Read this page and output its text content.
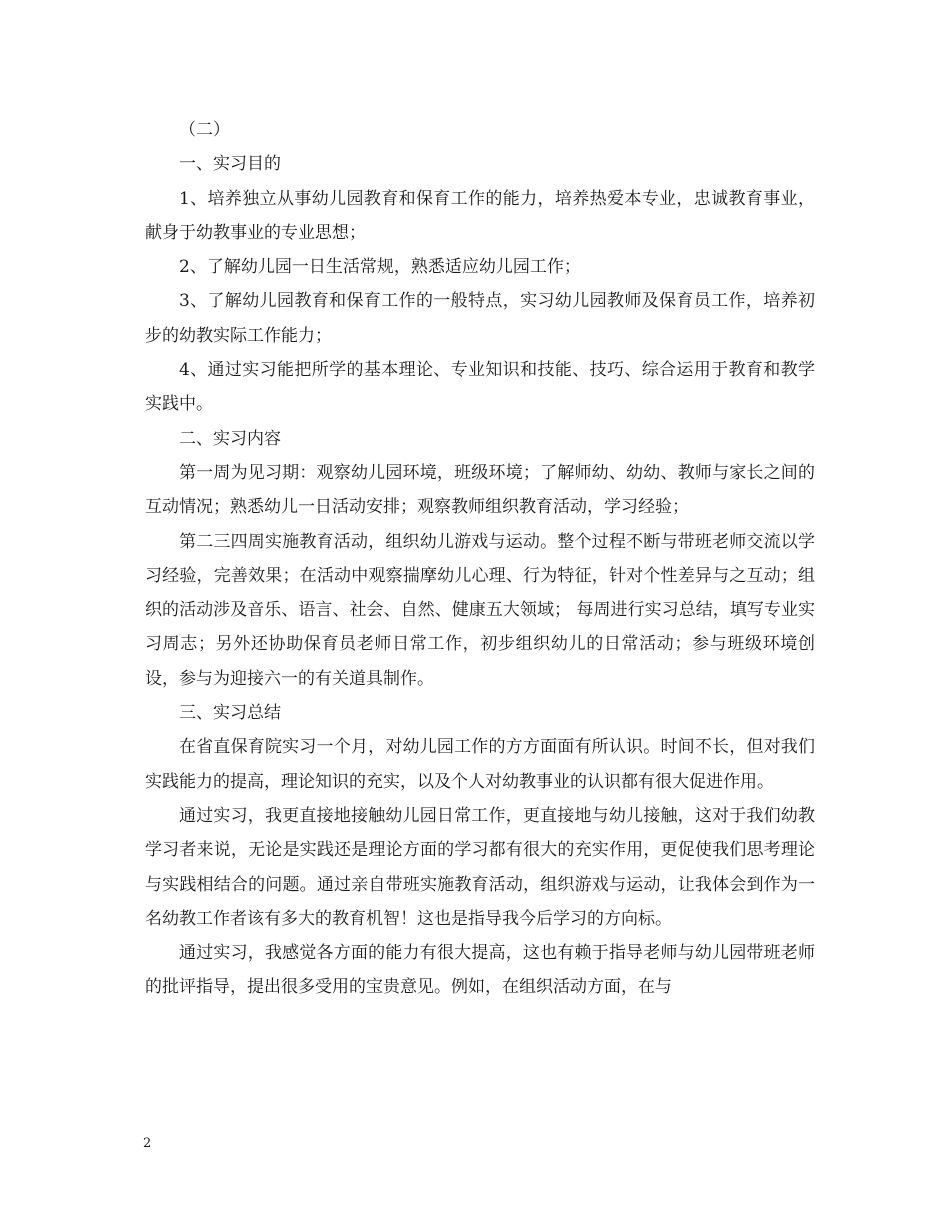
（二）

一、实习目的

1、培养独立从事幼儿园教育和保育工作的能力，培养热爱本专业，忠诚教育事业，献身于幼教事业的专业思想；

2、了解幼儿园一日生活常规，熟悉适应幼儿园工作；

3、了解幼儿园教育和保育工作的一般特点，实习幼儿园教师及保育员工作，培养初步的幼教实际工作能力；

4、通过实习能把所学的基本理论、专业知识和技能、技巧、综合运用于教育和教学实践中。

二、实习内容

第一周为见习期：观察幼儿园环境，班级环境；了解师幼、幼幼、教师与家长之间的互动情况；熟悉幼儿一日活动安排；观察教师组织教育活动，学习经验；

第二三四周实施教育活动，组织幼儿游戏与运动。整个过程不断与带班老师交流以学习经验，完善效果；在活动中观察揣摩幼儿心理、行为特征，针对个性差异与之互动；组织的活动涉及音乐、语言、社会、自然、健康五大领域； 每周进行实习总结，填写专业实习周志；另外还协助保育员老师日常工作，初步组织幼儿的日常活动；参与班级环境创设，参与为迎接六一的有关道具制作。

三、实习总结

在省直保育院实习一个月，对幼儿园工作的方方面面有所认识。时间不长，但对我们实践能力的提高，理论知识的充实，以及个人对幼教事业的认识都有很大促进作用。

通过实习，我更直接地接触幼儿园日常工作，更直接地与幼儿接触，这对于我们幼教学习者来说，无论是实践还是理论方面的学习都有很大的充实作用，更促使我们思考理论与实践相结合的问题。通过亲自带班实施教育活动，组织游戏与运动，让我体会到作为一名幼教工作者该有多大的教育机智！这也是指导我今后学习的方向标。

通过实习，我感觉各方面的能力有很大提高，这也有赖于指导老师与幼儿园带班老师的批评指导，提出很多受用的宝贵意见。例如，在组织活动方面，在与

2
